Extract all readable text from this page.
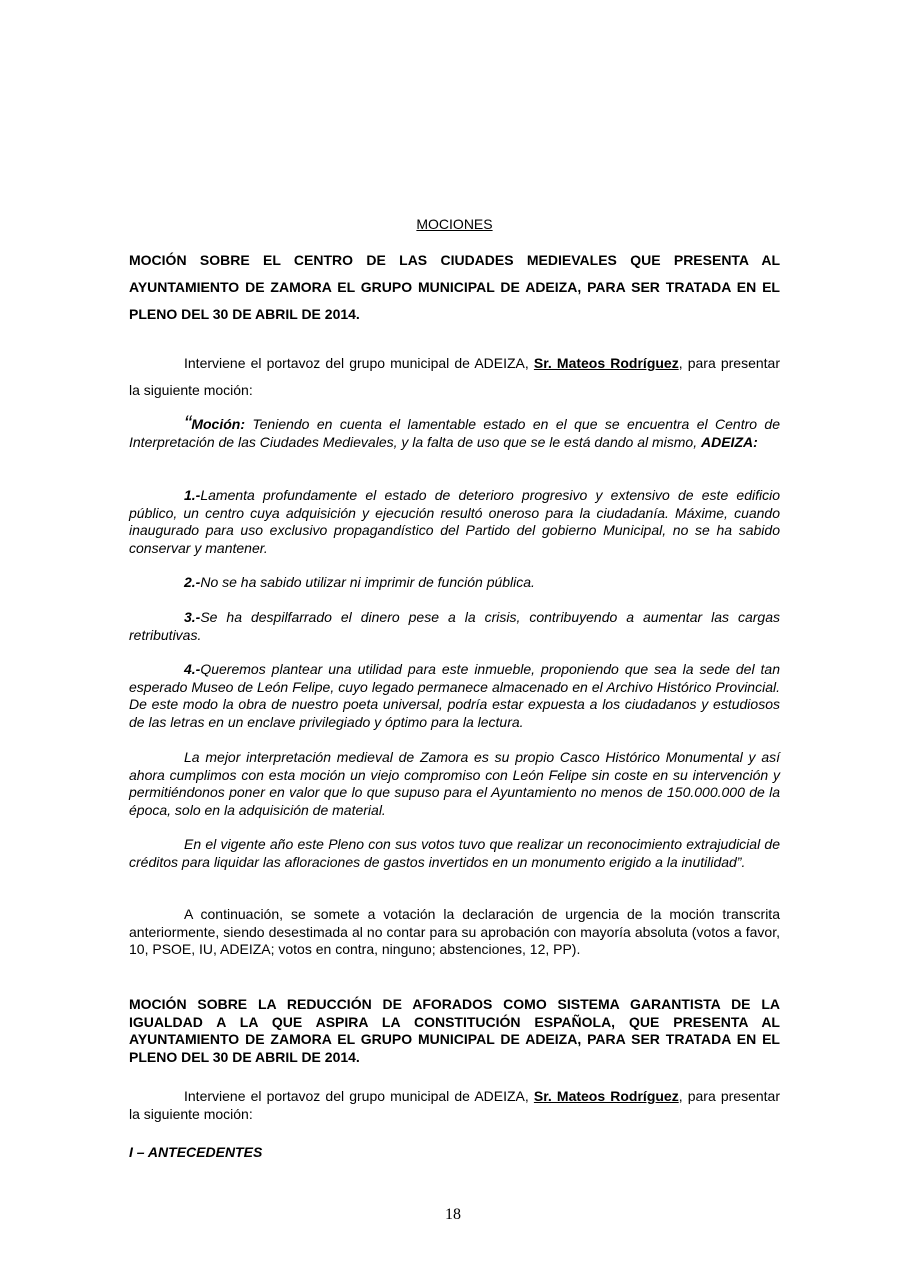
MOCIONES
MOCIÓN SOBRE EL CENTRO DE LAS CIUDADES MEDIEVALES QUE PRESENTA AL AYUNTAMIENTO DE ZAMORA EL GRUPO MUNICIPAL DE ADEIZA, PARA SER TRATADA EN EL PLENO DEL 30 DE ABRIL DE 2014.
Interviene el portavoz del grupo municipal de ADEIZA, Sr. Mateos Rodríguez, para presentar la siguiente moción:
“Moción: Teniendo en cuenta el lamentable estado en el que se encuentra el Centro de Interpretación de las Ciudades Medievales, y la falta de uso que se le está dando al mismo, ADEIZA:
1.-Lamenta profundamente el estado de deterioro progresivo y extensivo de este edificio público, un centro cuya adquisición y ejecución resultó oneroso para la ciudadanía. Máxime, cuando inaugurado para uso exclusivo propagandístico del Partido del gobierno Municipal, no se ha sabido conservar y mantener.
2.-No se ha sabido utilizar ni imprimir de función pública.
3.-Se ha despilfarrado el dinero pese a la crisis, contribuyendo a aumentar las cargas retributivas.
4.-Queremos plantear una utilidad para este inmueble, proponiendo que sea la sede del tan esperado Museo de León Felipe, cuyo legado permanece almacenado en el Archivo Histórico Provincial. De este modo la obra de nuestro poeta universal, podría estar expuesta a los ciudadanos y estudiosos de las letras en un enclave privilegiado y óptimo para la lectura.
La mejor interpretación medieval de Zamora es su propio Casco Histórico Monumental y así ahora cumplimos con esta moción un viejo compromiso con León Felipe sin coste en su intervención y permitiéndonos poner en valor que lo que supuso para el Ayuntamiento no menos de 150.000.000 de la época, solo en la adquisición de material.
En el vigente año este Pleno con sus votos tuvo que realizar un reconocimiento extrajudicial de créditos para liquidar las afloraciones de gastos invertidos en un monumento erigido a la inutilidad”.
A continuación, se somete a votación la declaración de urgencia de la moción transcrita anteriormente, siendo desestimada al no contar para su aprobación con mayoría absoluta (votos a favor, 10, PSOE, IU, ADEIZA; votos en contra, ninguno; abstenciones, 12, PP).
MOCIÓN SOBRE LA REDUCCIÓN DE AFORADOS COMO SISTEMA GARANTISTA DE LA IGUALDAD A LA QUE ASPIRA LA CONSTITUCIÓN ESPAÑOLA, QUE PRESENTA AL AYUNTAMIENTO DE ZAMORA EL GRUPO MUNICIPAL DE ADEIZA, PARA SER TRATADA EN EL PLENO DEL 30 DE ABRIL DE 2014.
Interviene el portavoz del grupo municipal de ADEIZA, Sr. Mateos Rodríguez, para presentar la siguiente moción:
I – ANTECEDENTES
18
